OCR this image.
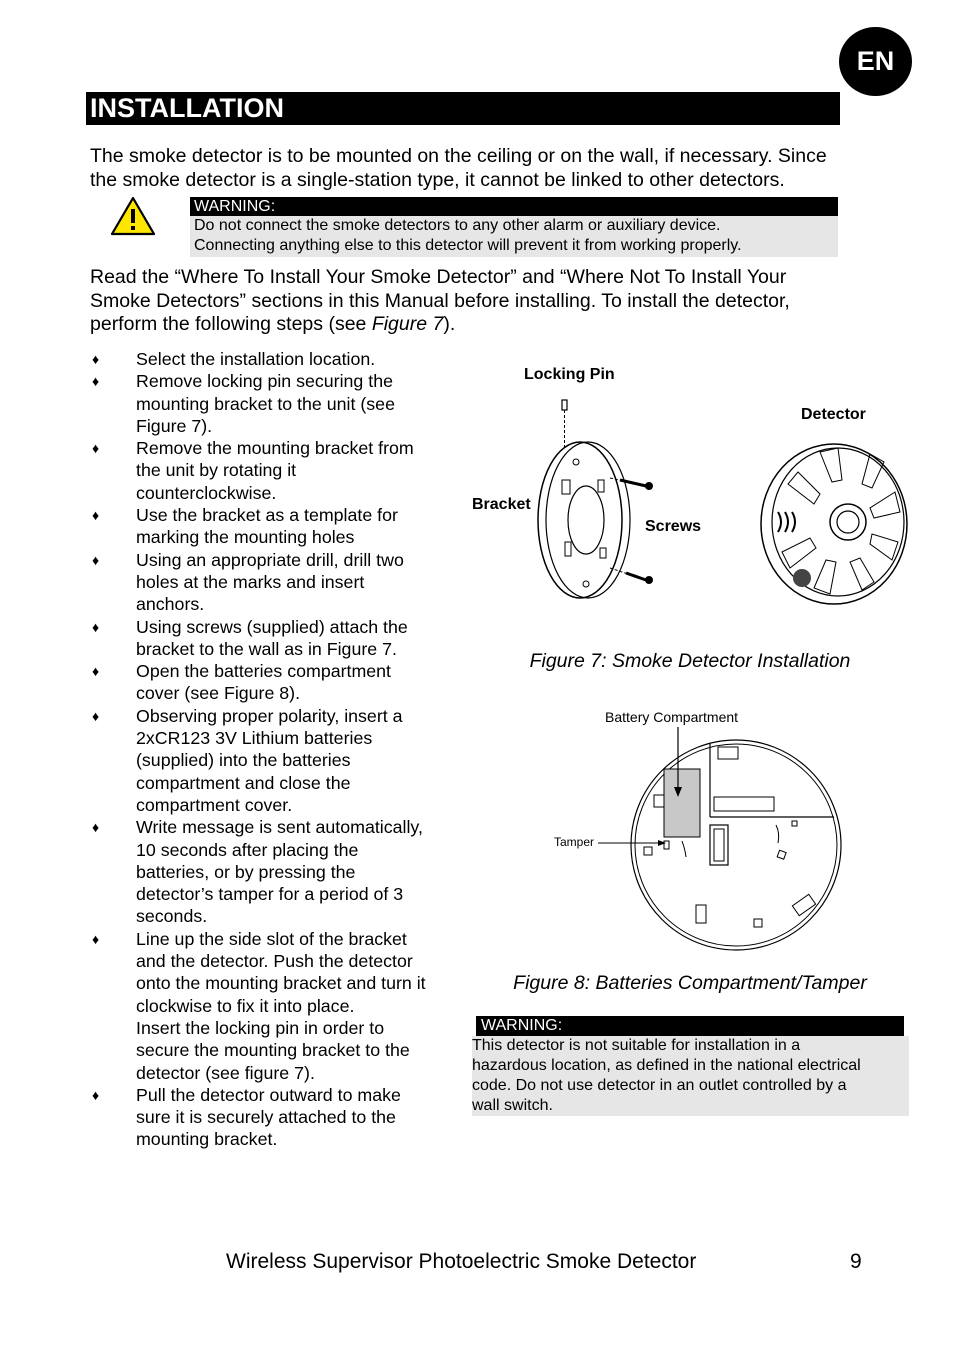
EN
INSTALLATION
The smoke detector is to be mounted on the ceiling or on the wall, if necessary. Since
the smoke detector is a single-station type, it cannot be linked to other detectors.
WARNING:
Do not connect the smoke detectors to any other alarm or auxiliary device.
Connecting anything else to this detector will prevent it from working properly.
Read the “Where To Install Your Smoke Detector” and “Where Not To Install Your
Smoke Detectors” sections in this Manual before installing. To install the detector,
perform the following steps (see Figure 7).
♦ Select the installation location.
♦ Remove locking pin securing the
mounting bracket to the unit (see
Figure 7).
♦ Remove the mounting bracket from
the unit by rotating it
counterclockwise.
♦ Use the bracket as a template for
marking the mounting holes
♦ Using an appropriate drill, drill two
holes at the marks and insert
anchors.
♦ Using screws (supplied) attach the
bracket to the wall as in Figure 7.
♦ Open the batteries compartment
cover (see Figure 8).
♦ Observing proper polarity, insert a
2xCR123 3V Lithium batteries
(supplied) into the batteries
compartment and close the
compartment cover.
♦ Write message is sent automatically,
10 seconds after placing the
batteries, or by pressing the
detector’s tamper for a period of 3
seconds.
♦ Line up the side slot of the bracket
and the detector. Push the detector
onto the mounting bracket and turn it
clockwise to fix it into place.
Insert the locking pin in order to
secure the mounting bracket to the
detector (see figure 7).
♦ Pull the detector outward to make
sure it is securely attached to the
mounting bracket.
Locking Pin
Detector
Bracket
Screws
Figure 7: Smoke Detector Installation
Battery Compartment
Tamper
Figure 8: Batteries Compartment/Tamper
WARNING:
This detector is not suitable for installation in a
hazardous location, as defined in the national electrical
code. Do not use detector in an outlet controlled by a
wall switch.
Wireless Supervisor Photoelectric Smoke Detector	9
